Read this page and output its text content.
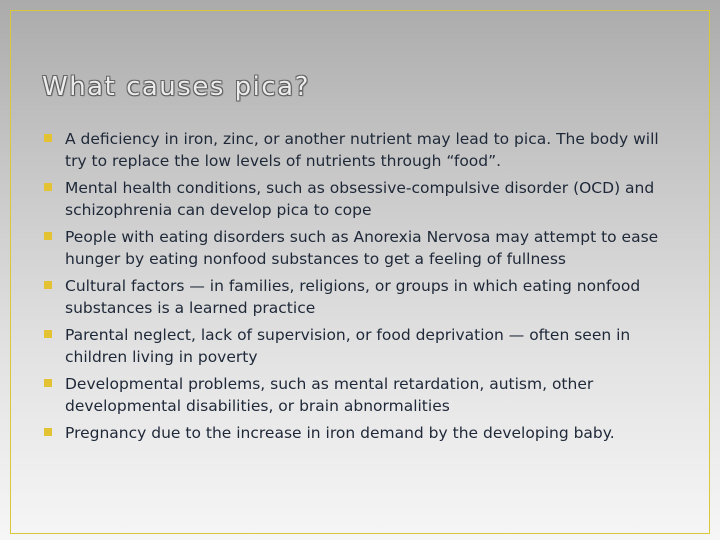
What causes pica?
A deficiency in iron, zinc, or another nutrient may lead to pica. The body will try to replace the low levels of nutrients through “food”.
Mental health conditions, such as obsessive-compulsive disorder (OCD) and schizophrenia can develop pica to cope
People with eating disorders such as Anorexia Nervosa may attempt to ease hunger by eating nonfood substances to get a feeling of fullness
Cultural factors — in families, religions, or groups in which eating nonfood substances is a learned practice
Parental neglect, lack of supervision, or food deprivation — often seen in children living in poverty
Developmental problems, such as mental retardation, autism, other developmental disabilities, or brain abnormalities
Pregnancy due to the increase in iron demand by the developing baby.
